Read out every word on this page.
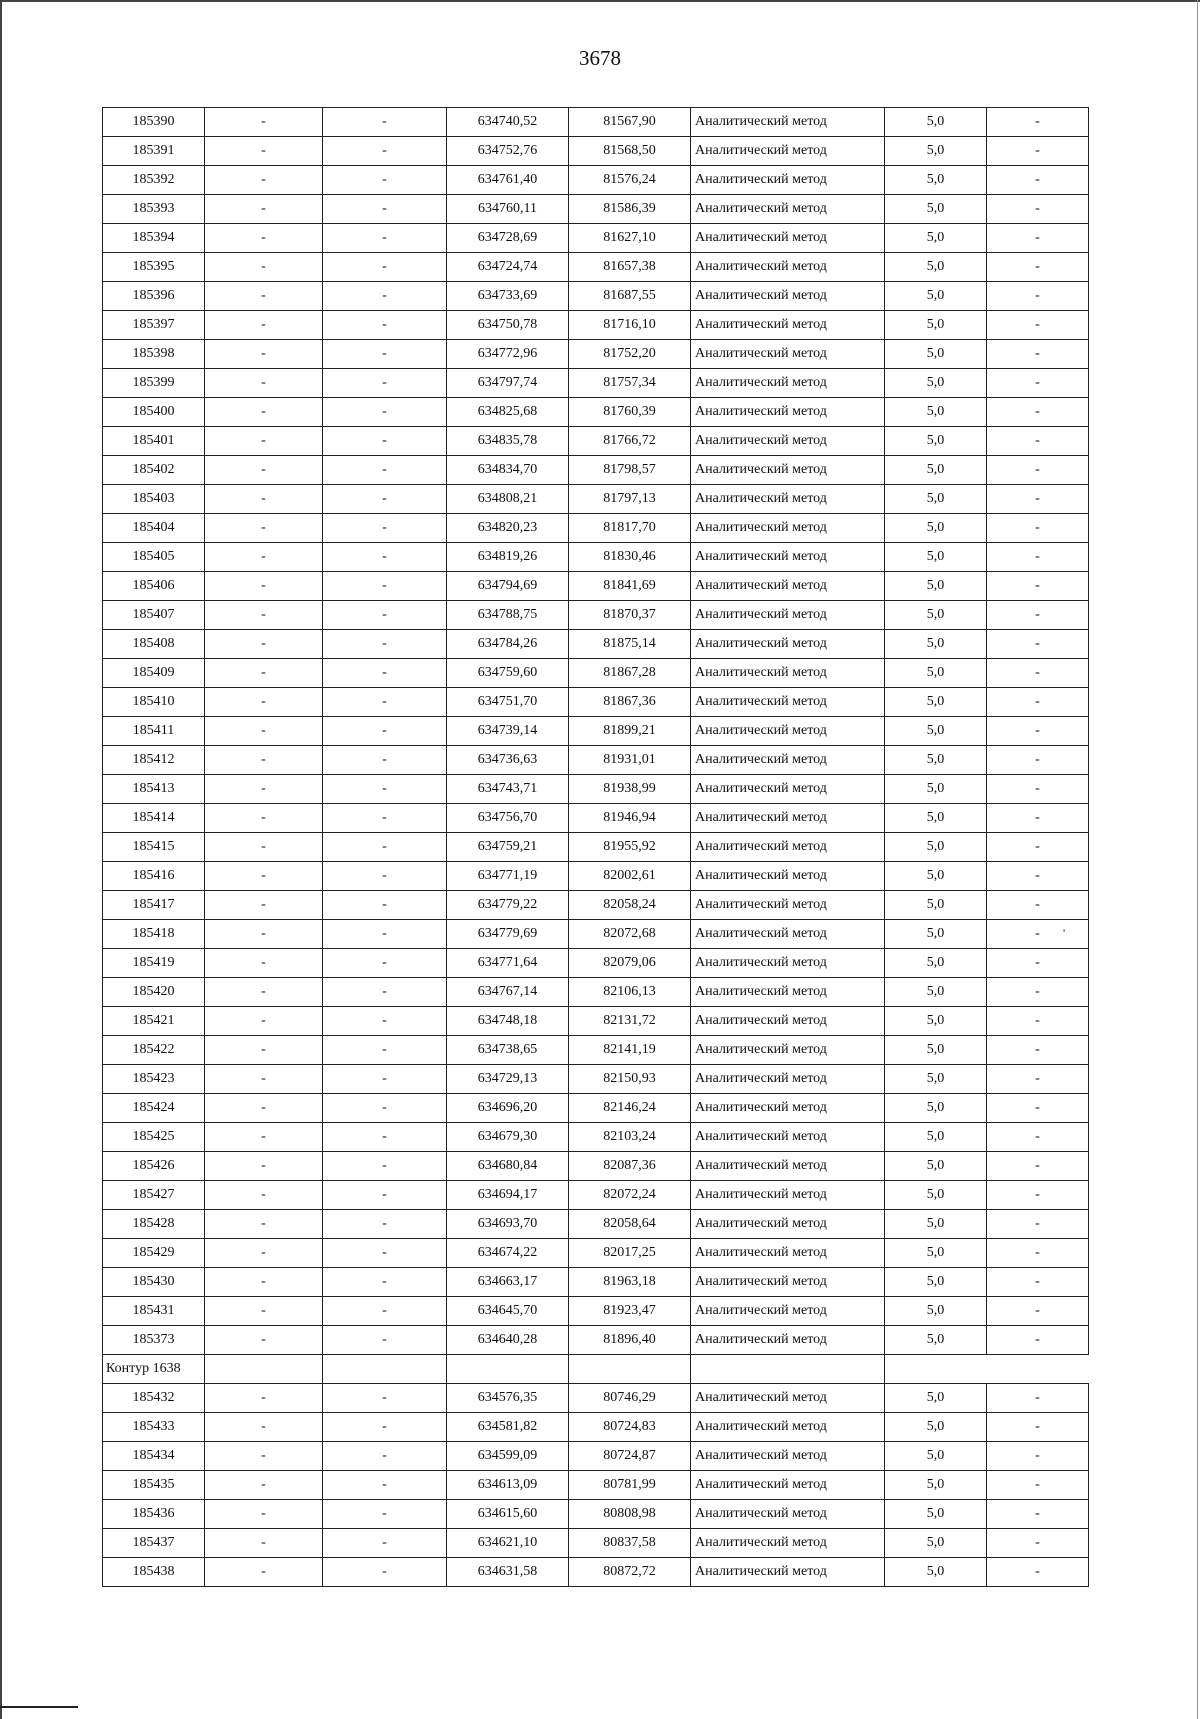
3678
185390	-	-	634740,52	81567,90	Аналитический метод	5,0	-
185391	-	-	634752,76	81568,50	Аналитический метод	5,0	-
185392	-	-	634761,40	81576,24	Аналитический метод	5,0	-
185393	-	-	634760,11	81586,39	Аналитический метод	5,0	-
185394	-	-	634728,69	81627,10	Аналитический метод	5,0	-
185395	-	-	634724,74	81657,38	Аналитический метод	5,0	-
185396	-	-	634733,69	81687,55	Аналитический метод	5,0	-
185397	-	-	634750,78	81716,10	Аналитический метод	5,0	-
185398	-	-	634772,96	81752,20	Аналитический метод	5,0	-
185399	-	-	634797,74	81757,34	Аналитический метод	5,0	-
185400	-	-	634825,68	81760,39	Аналитический метод	5,0	-
185401	-	-	634835,78	81766,72	Аналитический метод	5,0	-
185402	-	-	634834,70	81798,57	Аналитический метод	5,0	-
185403	-	-	634808,21	81797,13	Аналитический метод	5,0	-
185404	-	-	634820,23	81817,70	Аналитический метод	5,0	-
185405	-	-	634819,26	81830,46	Аналитический метод	5,0	-
185406	-	-	634794,69	81841,69	Аналитический метод	5,0	-
185407	-	-	634788,75	81870,37	Аналитический метод	5,0	-
185408	-	-	634784,26	81875,14	Аналитический метод	5,0	-
185409	-	-	634759,60	81867,28	Аналитический метод	5,0	-
185410	-	-	634751,70	81867,36	Аналитический метод	5,0	-
185411	-	-	634739,14	81899,21	Аналитический метод	5,0	-
185412	-	-	634736,63	81931,01	Аналитический метод	5,0	-
185413	-	-	634743,71	81938,99	Аналитический метод	5,0	-
185414	-	-	634756,70	81946,94	Аналитический метод	5,0	-
185415	-	-	634759,21	81955,92	Аналитический метод	5,0	-
185416	-	-	634771,19	82002,61	Аналитический метод	5,0	-
185417	-	-	634779,22	82058,24	Аналитический метод	5,0	-
185418	-	-	634779,69	82072,68	Аналитический метод	5,0	-
185419	-	-	634771,64	82079,06	Аналитический метод	5,0	-
185420	-	-	634767,14	82106,13	Аналитический метод	5,0	-
185421	-	-	634748,18	82131,72	Аналитический метод	5,0	-
185422	-	-	634738,65	82141,19	Аналитический метод	5,0	-
185423	-	-	634729,13	82150,93	Аналитический метод	5,0	-
185424	-	-	634696,20	82146,24	Аналитический метод	5,0	-
185425	-	-	634679,30	82103,24	Аналитический метод	5,0	-
185426	-	-	634680,84	82087,36	Аналитический метод	5,0	-
185427	-	-	634694,17	82072,24	Аналитический метод	5,0	-
185428	-	-	634693,70	82058,64	Аналитический метод	5,0	-
185429	-	-	634674,22	82017,25	Аналитический метод	5,0	-
185430	-	-	634663,17	81963,18	Аналитический метод	5,0	-
185431	-	-	634645,70	81923,47	Аналитический метод	5,0	-
185373	-	-	634640,28	81896,40	Аналитический метод	5,0	-
Контур 1638							
185432	-	-	634576,35	80746,29	Аналитический метод	5,0	-
185433	-	-	634581,82	80724,83	Аналитический метод	5,0	-
185434	-	-	634599,09	80724,87	Аналитический метод	5,0	-
185435	-	-	634613,09	80781,99	Аналитический метод	5,0	-
185436	-	-	634615,60	80808,98	Аналитический метод	5,0	-
185437	-	-	634621,10	80837,58	Аналитический метод	5,0	-
185438	-	-	634631,58	80872,72	Аналитический метод	5,0	-
'
